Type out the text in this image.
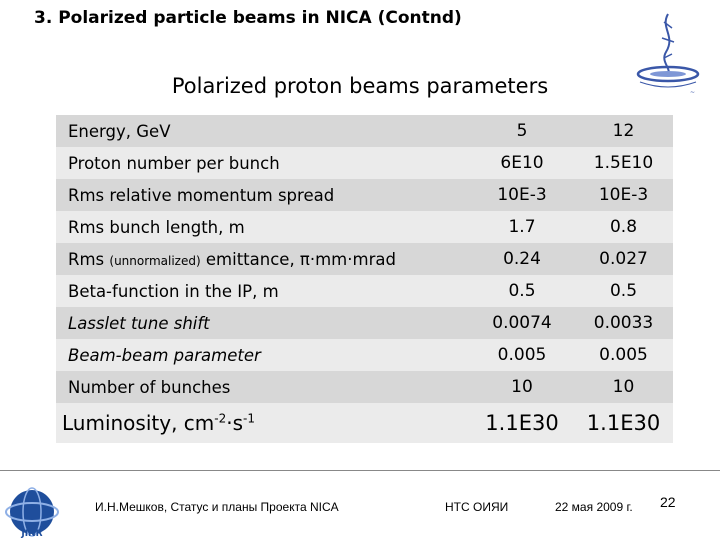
3. Polarized particle beams in NICA (Contnd)
~
Polarized proton beams parameters
Energy, GeV	5	12
Proton number per bunch	6E10	1.5E10
Rms relative momentum spread	10E-3	10E-3
Rms bunch length, m	1.7	0.8
Rms (unnormalized) emittance, π·mm·mrad	0.24	0.027
Beta-function in the IP, m	0.5	0.5
Lasslet tune shift	0.0074	0.0033
Beam-beam parameter	0.005	0.005
Number of bunches	10	10
Luminosity, $cm^{-2}\cdot s^{-1}$	1.1E30	1.1E30
JINR
И.Н.Мешков, Статус и планы Проекта NICA	НТС ОИЯИ	22 мая 2009 г. 22
